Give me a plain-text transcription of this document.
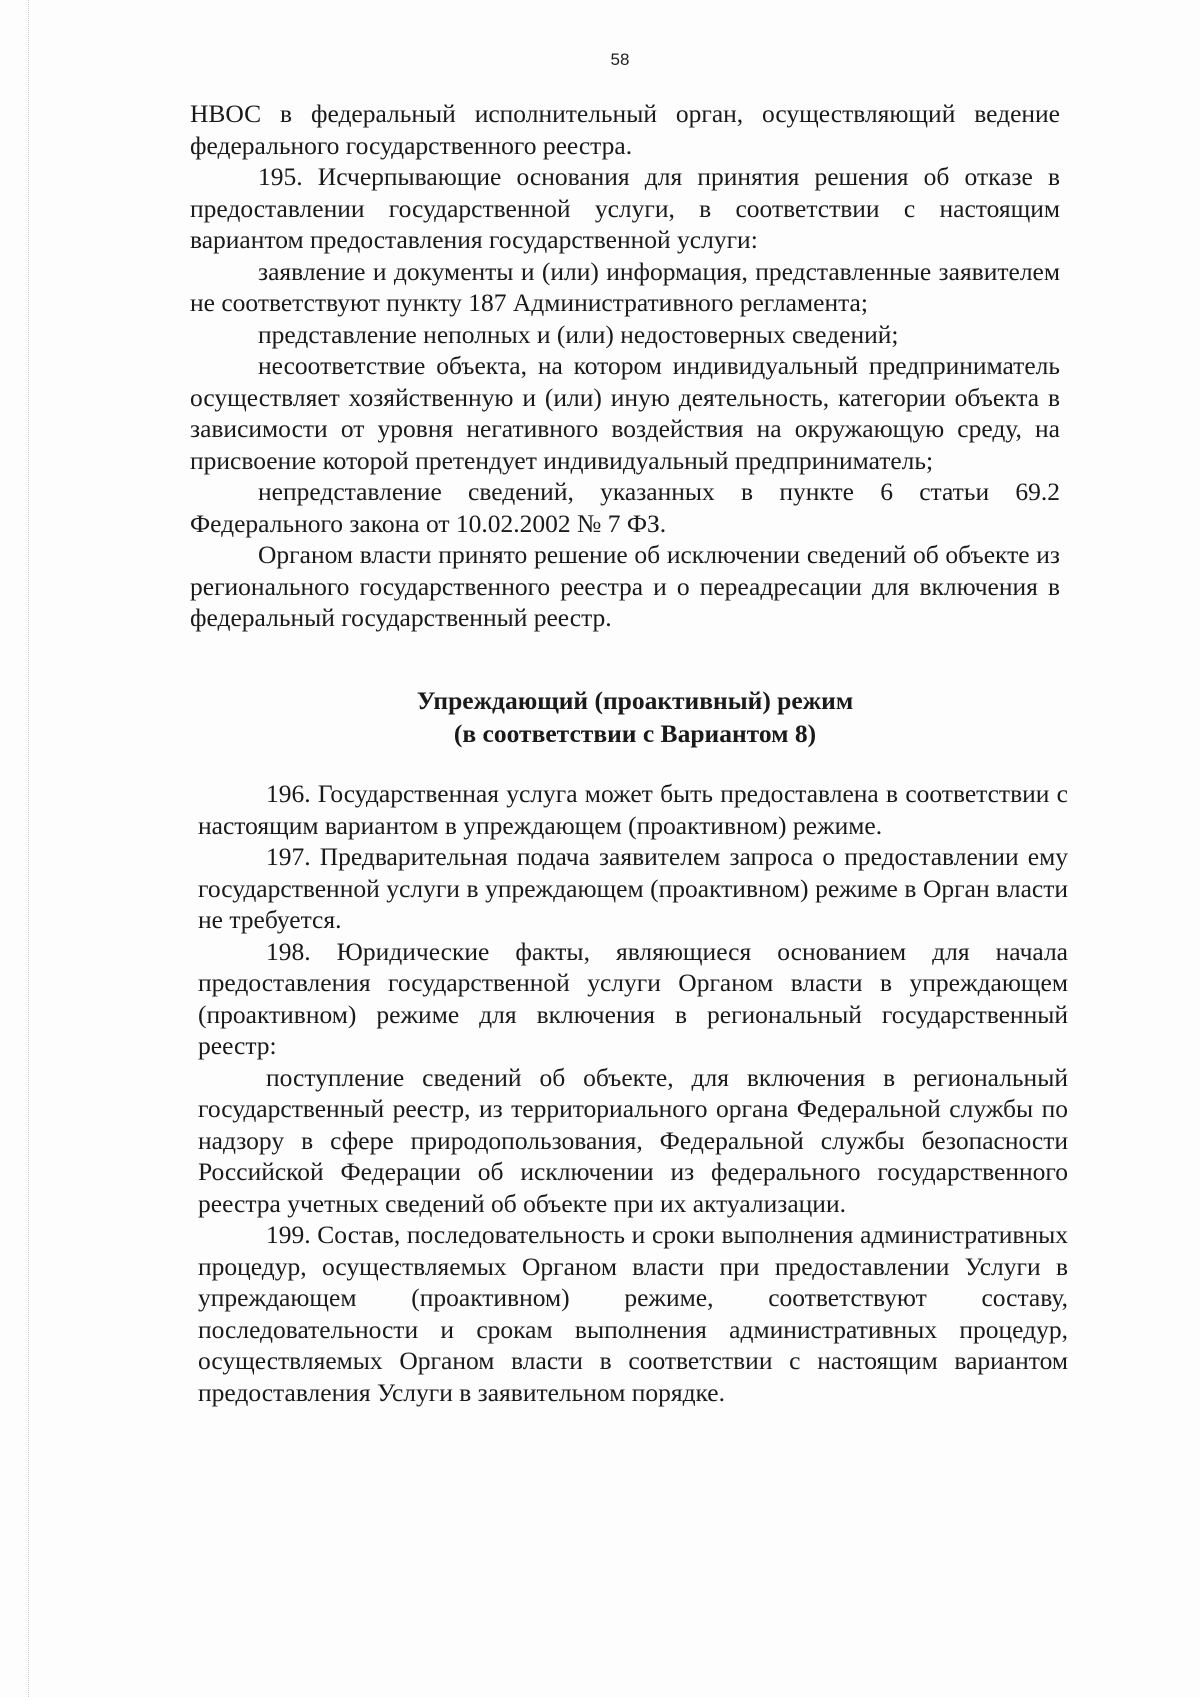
58

НВОС в федеральный исполнительный орган, осуществляющий ведение федерального государственного реестра.

195. Исчерпывающие основания для принятия решения об отказе в предоставлении государственной услуги, в соответствии с настоящим вариантом предоставления государственной услуги:

заявление и документы и (или) информация, представленные заявителем не соответствуют пункту 187 Административного регламента;

представление неполных и (или) недостоверных сведений;

несоответствие объекта, на котором индивидуальный предприниматель осуществляет хозяйственную и (или) иную деятельность, категории объекта в зависимости от уровня негативного воздействия на окружающую среду, на присвоение которой претендует индивидуальный предприниматель;

непредставление сведений, указанных в пункте 6 статьи 69.2 Федерального закона от 10.02.2002 № 7 ФЗ.

Органом власти принято решение об исключении сведений об объекте из регионального государственного реестра и о переадресации для включения в федеральный государственный реестр.

Упреждающий (проактивный) режим
(в соответствии с Вариантом 8)

196. Государственная услуга может быть предоставлена в соответствии с настоящим вариантом в упреждающем (проактивном) режиме.

197. Предварительная подача заявителем запроса о предоставлении ему государственной услуги в упреждающем (проактивном) режиме в Орган власти не требуется.

198. Юридические факты, являющиеся основанием для начала предоставления государственной услуги Органом власти в упреждающем (проактивном) режиме для включения в региональный государственный реестр:

поступление сведений об объекте, для включения в региональный государственный реестр, из территориального органа Федеральной службы по надзору в сфере природопользования, Федеральной службы безопасности Российской Федерации об исключении из федерального государственного реестра учетных сведений об объекте при их актуализации.

199. Состав, последовательность и сроки выполнения административных процедур, осуществляемых Органом власти при предоставлении Услуги в упреждающем (проактивном) режиме, соответствуют составу, последовательности и срокам выполнения административных процедур, осуществляемых Органом власти в соответствии с настоящим вариантом предоставления Услуги в заявительном порядке.
